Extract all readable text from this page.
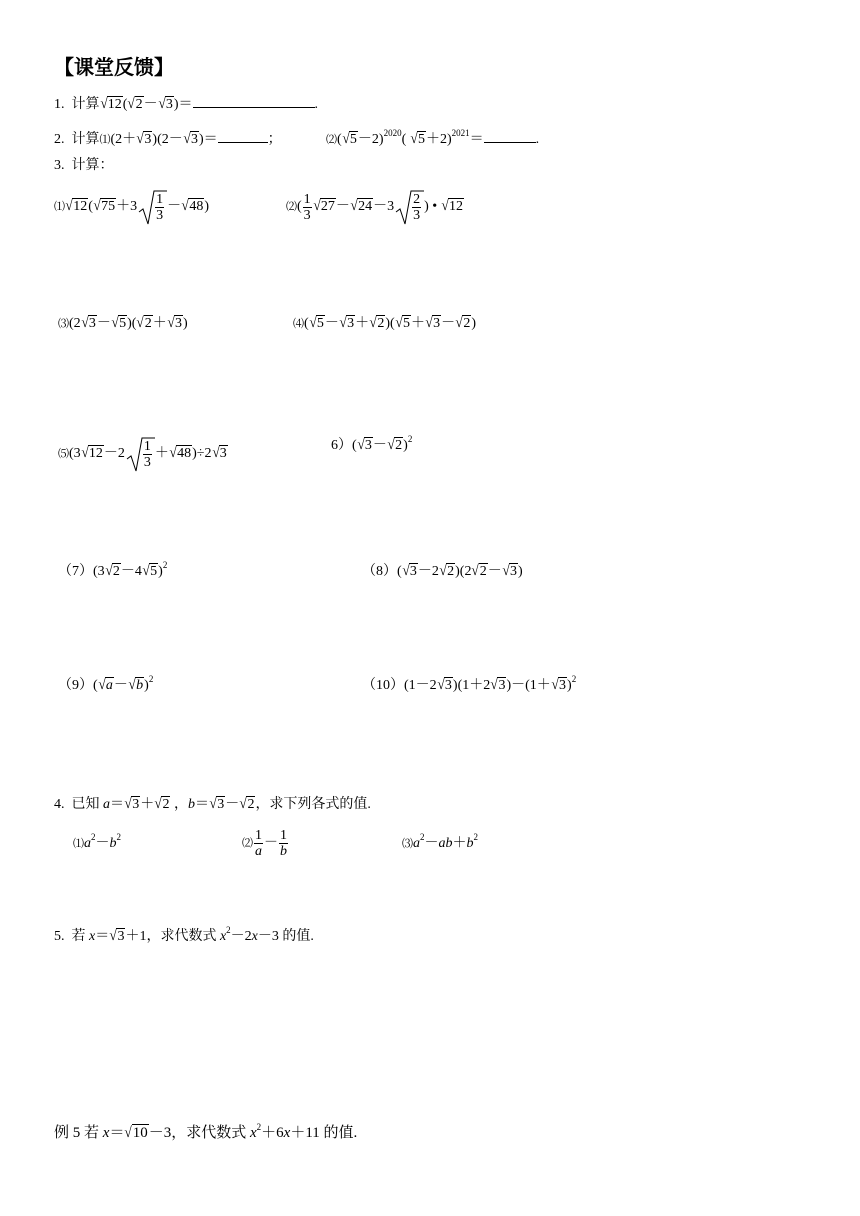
【课堂反馈】
1. 计算√12(√2－√3)＝	.
2. 计算⑴(2＋√3)(2－√3)＝	；	$⑵(√5-2)^{2020}$( √5＋2)$^{2021}$＝	.
3. 计算：
⑴√12(√75＋3 $\frac{1}{3} -√48$)	⑵( $\frac{1}{3} √27-√24-3 \frac{2}{3}$ ) • √12
⑶(2√3－√5)(√2＋√3)	⑷(√5－√3＋√2)(√5＋√3－√2)
⑸(3√12－2 $\frac{1}{3} +√48)\div 2√3$
$6)(√3-√2)^2$
$(7)(3√2-4√5)^2$	（8）(√3－2√2)(2√2－√3)
$(9)(√a-√b)^2$	$(10)(1-2√3)(1+2√3)-(1+√3)^2$
4. 已知 a＝√3＋√2 ，b＝√3－√2，求下列各式的值.
$⑴a^2-b^2$
⑵ $\frac{1}{a} - \frac{1}{b}$	$⑶a^2-ab+b^2$
5. 若 x＝√3＋1，求代数式 $x^2-2x-3$ 的值.
例 5 若 x＝√10－3，求代数式 $x^2+6x+11$ 的值.
